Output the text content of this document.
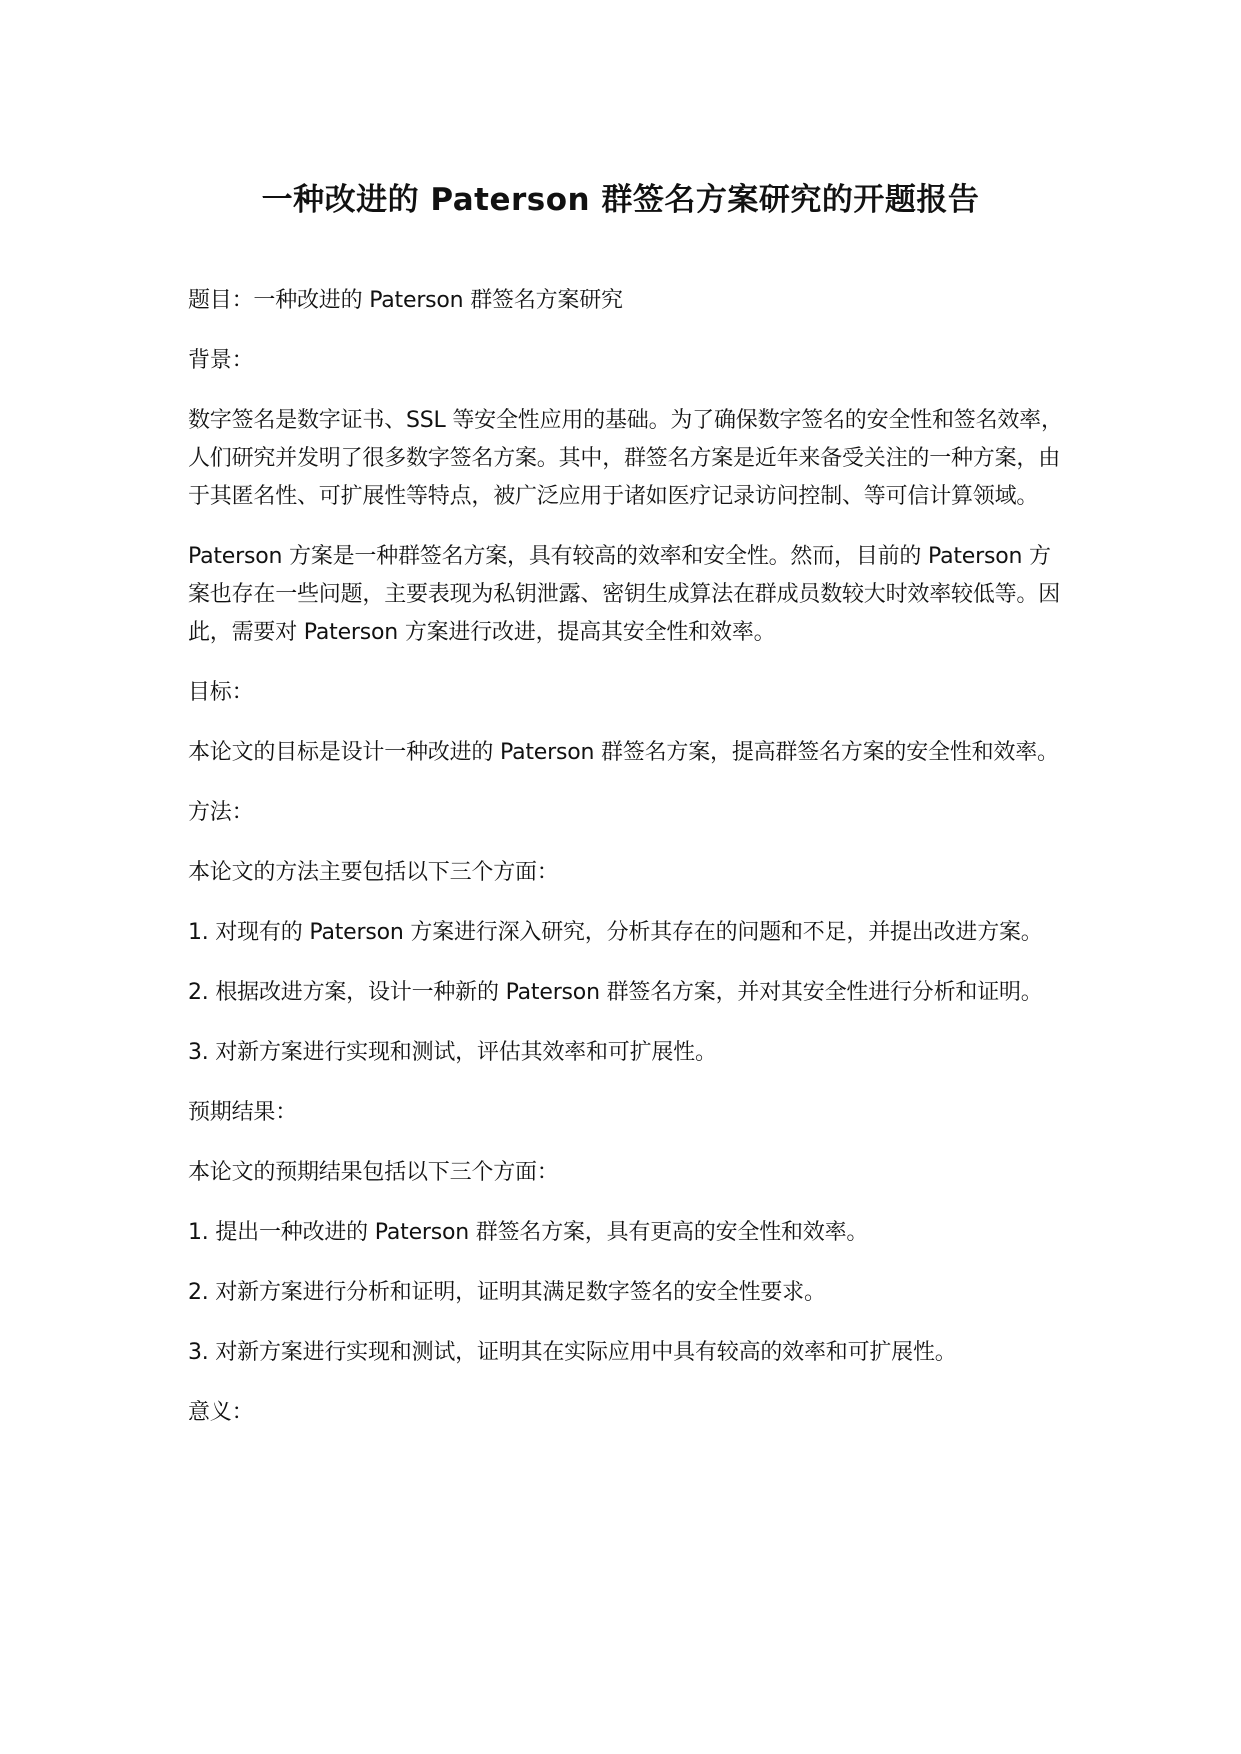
一种改进的 Paterson 群签名方案研究的开题报告

题目：一种改进的 Paterson 群签名方案研究

背景：

数字签名是数字证书、SSL 等安全性应用的基础。为了确保数字签名的安全性和签名效率，人们研究并发明了很多数字签名方案。其中，群签名方案是近年来备受关注的一种方案，由于其匿名性、可扩展性等特点，被广泛应用于诸如医疗记录访问控制、等可信计算领域。

Paterson 方案是一种群签名方案，具有较高的效率和安全性。然而，目前的 Paterson 方案也存在一些问题，主要表现为私钥泄露、密钥生成算法在群成员数较大时效率较低等。因此，需要对 Paterson 方案进行改进，提高其安全性和效率。

目标：

本论文的目标是设计一种改进的 Paterson 群签名方案，提高群签名方案的安全性和效率。

方法：

本论文的方法主要包括以下三个方面：

1. 对现有的 Paterson 方案进行深入研究，分析其存在的问题和不足，并提出改进方案。

2. 根据改进方案，设计一种新的 Paterson 群签名方案，并对其安全性进行分析和证明。

3. 对新方案进行实现和测试，评估其效率和可扩展性。

预期结果：

本论文的预期结果包括以下三个方面：

1. 提出一种改进的 Paterson 群签名方案，具有更高的安全性和效率。

2. 对新方案进行分析和证明，证明其满足数字签名的安全性要求。

3. 对新方案进行实现和测试，证明其在实际应用中具有较高的效率和可扩展性。

意义：
